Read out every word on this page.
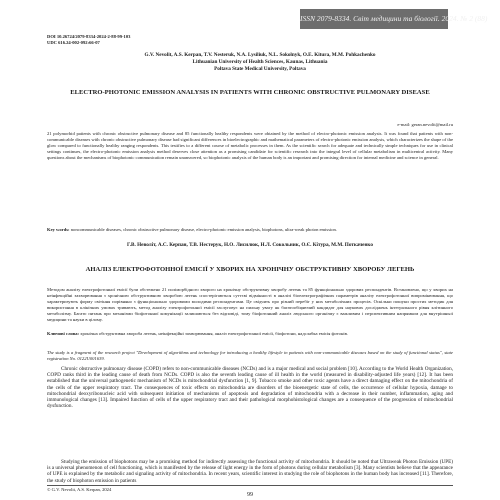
ISSN 2079-8334. Світ медицини та біології. 2024. № 2 (88)
DOI 10.26724/2079-8334-2024-2-88-99-103
UDC 616.24-002-092:66-07
G.V. Nevolit, A.S. Kerpan, T.V. Nesteruk, N.A. Lysiliuk, N.L. Sokolnyk, O.E. Kitura, M.M. Pohkachenko
Lithuanian University of Health Sciences, Kaunas, Lithuania
Poltava State Medical University, Poltava
ELECTRO-PHOTONIC EMISSION ANALYSIS IN PATIENTS WITH CHRONIC OBSTRUCTIVE PULMONARY DISEASE
e-mail: geran.nevolit@mail.ru
21 polymorbid patients with chronic obstructive pulmonary disease and 85 functionally healthy respondents were obtained by the method of electro-photonic emission analysis. It was found that patients with non-communicable diseases with chronic obstructive pulmonary disease had significant differences in bioelectrographic and mathematical parameters of electro-photonic emission analysis, which characterizes the shape of the glow compared to functionally healthy ranging respondents. This testifies to a different course of metabolic processes in them. As the scientific search for adequate and technically simple techniques for use in clinical settings continues, the electro-photonic emission analysis method deserves close attention as a promising candidate for scientific research into the integral level of cellular metabolism in multicentral activity. Many questions about the mechanisms of biophotonic communication remain unanswered, so biophotonic analysis of the human body is an important and promising direction for internal medicine and science in general.
Key words: noncommunicable diseases, chronic obstructive pulmonary disease, electro-photonic emission analysis, biophotons, ultra-weak photon emission.
Г.В. Неволіт, А.С. Керпан, Т.В. Нестерук, Н.О. Лисилюк, Н.Л. Сокольник, О.Є. Кітура, М.М. Поткаченко
АНАЛІЗ ЕЛЕКТРОФОТОННОЇ ЕМІСІЇ У ХВОРИХ НА ХРОНІЧНУ ОБСТРУКТИВНУ ХВОРОБУ ЛЕГЕНЬ
Методом аналізу електрофотонної емісії були обстежено 21 поліморбідного хворого на хронічну обструктивну хворобу легень та 85 функціонально здорових респондентів. Встановлено, що у хворих на неінфекційні захворювання з хронічною обструктивною хворобою легень спостерігаються суттєві відмінності в аналізі біоелектрографічних параметрів аналізу електрофотонної випромінювання, що характеризують форму світіння порівняно з функціонально здоровими молодими респондентами. Це свідчить про різний перебіг у них метаболічних процесів. Оскільки пошуки простих методик для використання в клінічних умовах тривають, метод аналізу електрофотонної емісії заслуговує на пильну увагу як багатообіцяючий кандидат для наукових досліджень інтегрального рівня клітинного метаболізму. Багато питань про механізми біофотонної комунікації залишаються без відповіді, тому біофотонний аналіз людського організму є важливим і перспективним напрямком для внутрішньої медицини та науки в цілому.
Ключові слова: хронічна обструктивна хвороба легень, неінфекційні захворювання, аналіз електрофотонної емісії, біофотони, надслабка емісія фотонів.
The study is a fragment of the research project "Development of algorithms and technology for introducing a healthy lifestyle in patients with non-communicable diseases based on the study of functional status", state registration No. 0122U001639.
Chronic obstructive pulmonary disease (COPD) refers to non-communicable diseases (NCDs) and is a major medical and social problem [10]. According to the World Health Organization, COPD ranks third in the leading cause of death from NCDs. COPD is also the seventh leading cause of ill health in the world (measured in disability-adjusted life years) [12]. It has been established that the universal pathogenetic mechanism of NCDs is mitochondrial dysfunction [1, 9]. Tobacco smoke and other toxic agents have a direct damaging effect on the mitochondria of the cells of the upper respiratory tract. The consequences of toxic effects on mitochondria are disorders of the bioenergetic state of cells, the occurrence of cellular hypoxia, damage to mitochondrial deoxyribonucleic acid with subsequent initiation of mechanisms of apoptosis and degradation of mitochondria with a decrease in their number, inflammation, aging and immunological changes [13]. Impaired function of cells of the upper respiratory tract and their pathological morphohistological changes are a consequence of the progression of mitochondrial dysfunction.
Studying the emission of biophotons may be a promising method for indirectly assessing the functional activity of mitochondria. It should be noted that Ultraweak Photon Emission (UPE) is a universal phenomenon of cell functioning, which is manifested by the release of light energy in the form of photons during cellular metabolism [3]. Many scientists believe that the appearance of UPE is explained by the metabolic and signaling activity of mitochondria. In recent years, scientific interest in studying the role of biophotons in the human body has increased [11]. Therefore, the study of biophoton emission in patients
© G.V. Nevolit, A.S. Kerpan, 2024
99
